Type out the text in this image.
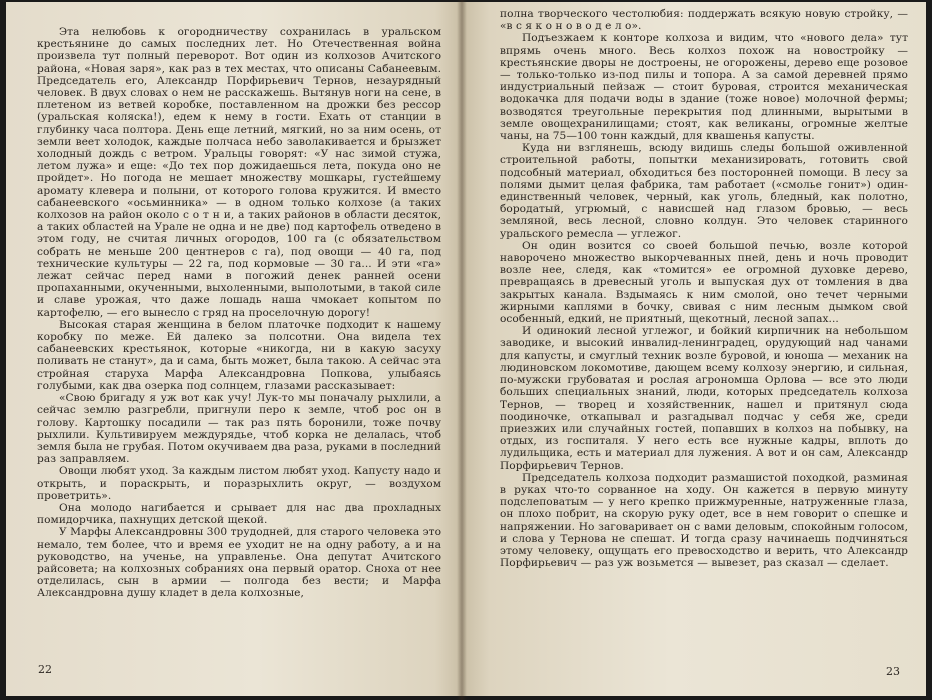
Эта нелюбовь к огородничеству сохранилась в уральском крестьянине до самых последних лет. Но Отечественная война произвела тут полный переворот. Вот один из колхозов Ачитского района, «Новая заря», как раз в тех местах, что описаны Сабанеевым. Председатель его, Александр Порфирьевич Тернов, незаурядный человек. В двух словах о нем не расскажешь. Вытянув ноги на сене, в плетеном из ветвей коробке, поставленном на дрожки без рессор (уральская коляска!), едем к нему в гости. Ехать от станции в глубинку часа полтора. День еще летний, мягкий, но за ним осень, от земли веет холодок, каждые полчаса небо заволакивается и брызжет холодный дождь с ветром. Уральцы говорят: «У нас зимой стужа, летом лужа» и еще: «До тех пор дожидаешься лета, покуда оно не пройдет». Но погода не мешает множеству мошкары, густейшему аромату клевера и полыни, от которого голова кружится. И вместо сабанеевского «осьминника» — в одном только колхозе (а таких колхозов на район около с о т н и, а таких районов в области десяток, а таких областей на Урале не одна и не две) под картофель отведено в этом году, не считая личных огородов, 100 га (с обязательством собрать не меньше 200 центнеров с га), под овощи — 40 га, под технические культуры — 22 га, под кормовые — 30 га... И эти «га» лежат сейчас перед нами в погожий денек ранней осени пропаханными, окученными, выхоленными, выполотыми, в такой силе и славе урожая, что даже лошадь наша чмокает копытом по картофелю, — его вынесло с гряд на проселочную дорогу!

Высокая старая женщина в белом платочке подходит к нашему коробку по меже. Ей далеко за полсотни. Она видела тех сабанеевских крестьянок, которые «никогда, ни в какую засуху поливать не станут», да и сама, быть может, была такою. А сейчас эта стройная старуха Марфа Александровна Попкова, улыбаясь голубыми, как два озерка под солнцем, глазами рассказывает:

«Свою бригаду я уж вот как учу! Лук-то мы поначалу рыхлили, а сейчас землю разгребли, пригнули перо к земле, чтоб рос он в голову. Картошку посадили — так раз пять боронили, тоже почву рыхлили. Культивируем междурядье, чтоб корка не делалась, чтоб земля была не грубая. Потом окучиваем два раза, руками в последний раз заправляем.

Овощи любят уход. За каждым листом любят уход. Капусту надо и открыть, и пораскрыть, и поразрыхлить округ, — воздухом проветрить».

Она молодо нагибается и срывает для нас два прохладных помидорчика, пахнущих детской щекой.

У Марфы Александровны 300 трудодней, для старого человека это немало, тем более, что и время ее уходит не на одну работу, а и на руководство, на ученье, на управленье. Она депутат Ачитского райсовета; на колхозных собраниях она первый оратор. Сноха от нее отделилась, сын в армии — полгода без вести; и Марфа Александровна душу кладет в дела колхозные,

22

полна творческого честолюбия: поддержать всякую новую стройку, — «в с я к о н о в о д е л о».

Подъезжаем к конторе колхоза и видим, что «нового дела» тут впрямь очень много. Весь колхоз похож на новостройку — крестьянские дворы не достроены, не огорожены, дерево еще розовое — только-только из-под пилы и топора. А за самой деревней прямо индустриальный пейзаж — стоит буровая, строится механическая водокачка для подачи воды в здание (тоже новое) молочной фермы; возводятся треугольные перекрытия под длинными, вырытыми в земле овощехранилищами; стоят, как великаны, огромные желтые чаны, на 75—100 тонн каждый, для квашенья капусты.

Куда ни взглянешь, всюду видишь следы большой оживленной строительной работы, попытки механизировать, готовить свой подсобный материал, обходиться без посторонней помощи. В лесу за полями дымит целая фабрика, там работает («смолье гонит») один-единственный человек, черный, как уголь, бледный, как полотно, бородатый, угрюмый, с нависшей над глазом бровью, — весь земляной, весь лесной, словно колдун. Это человек старинного уральского ремесла — углежог.

Он один возится со своей большой печью, возле которой наворочено множество выкорчеванных пней, день и ночь проводит возле нее, следя, как «томится» ее огромной духовке дерево, превращаясь в древесный уголь и выпуская дух от томления в два закрытых канала. Вздымаясь к ним смолой, оно течет черными жирными каплями в бочку, свивая с ним лесным дымком свой особенный, едкий, не приятный, щекотный, лесной запах...

И одинокий лесной углежог, и бойкий кирпичник на небольшом заводике, и высокий инвалид-ленинградец, орудующий над чанами для капусты, и смуглый техник возле буровой, и юноша — механик на людиновском локомотиве, дающем всему колхозу энергию, и сильная, по-мужски грубоватая и рослая агрономша Орлова — все это люди больших специальных знаний, люди, которых председатель колхоза Тернов, — творец и хозяйственник, нашел и притянул сюда поодиночке, откапывал и разгадывал подчас у себя же, среди приезжих или случайных гостей, попавших в колхоз на побывку, на отдых, из госпиталя. У него есть все нужные кадры, вплоть до лудильщика, есть и материал для лужения. А вот и он сам, Александр Порфирьевич Тернов.

Председатель колхоза подходит размашистой походкой, разминая в руках что-то сорванное на ходу. Он кажется в первую минуту подслеповатым — у него крепко прижмуренные, натруженные глаза, он плохо побрит, на скорую руку одет, все в нем говорит о спешке и напряжении. Но заговаривает он с вами деловым, спокойным голосом, и слова у Тернова не спешат. И тогда сразу начинаешь подчиняться этому человеку, ощущать его превосходство и верить, что Александр Порфирьевич — раз уж возьмется — вывезет, раз сказал — сделает.

23
